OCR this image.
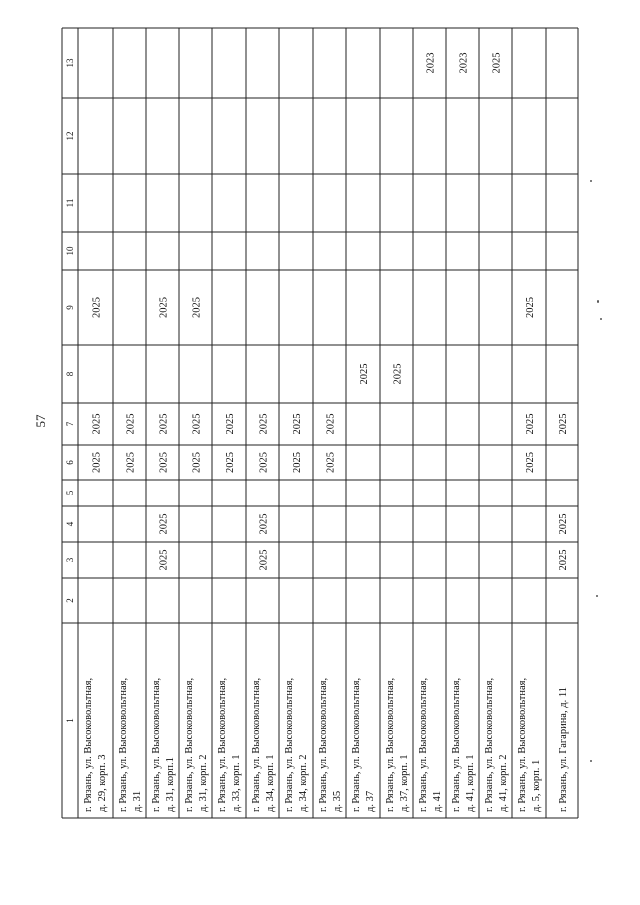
57
1
2
3
4
5
6
7
8
9
10
11
12
13
г. Рязань, ул. Высоковольтная, д. 29, корп. 3
2025
2025
2025
г. Рязань, ул. Высоковольтная, д. 31
2025
2025
г. Рязань, ул. Высоковольтная, д. 31, корп.1
2025
2025
2025
2025
2025
г. Рязань, ул. Высоковольтная, д. 31, корп. 2
2025
2025
2025
г. Рязань, ул. Высоковольтная, д. 33, корп. 1
2025
2025
г. Рязань, ул. Высоковольтная, д. 34, корп. 1
2025
2025
2025
2025
г. Рязань, ул. Высоковольтная, д. 34, корп. 2
2025
2025
г. Рязань, ул. Высоковольтная, д. 35
2025
2025
г. Рязань, ул. Высоковольтная, д. 37
2025
г. Рязань, ул. Высоковольтная, д. 37, корп. 1
2025
г. Рязань, ул. Высоковольтная, д. 41
2023
г. Рязань, ул. Высоковольтная, д. 41, корп. 1
2023
г. Рязань, ул. Высоковольтная, д. 41, корп. 2
2025
г. Рязань, ул. Высоковольтная, д. 5, корп. 1
2025
2025
2025
г. Рязань, ул. Гагарина, д. 11
2025
2025
2025
